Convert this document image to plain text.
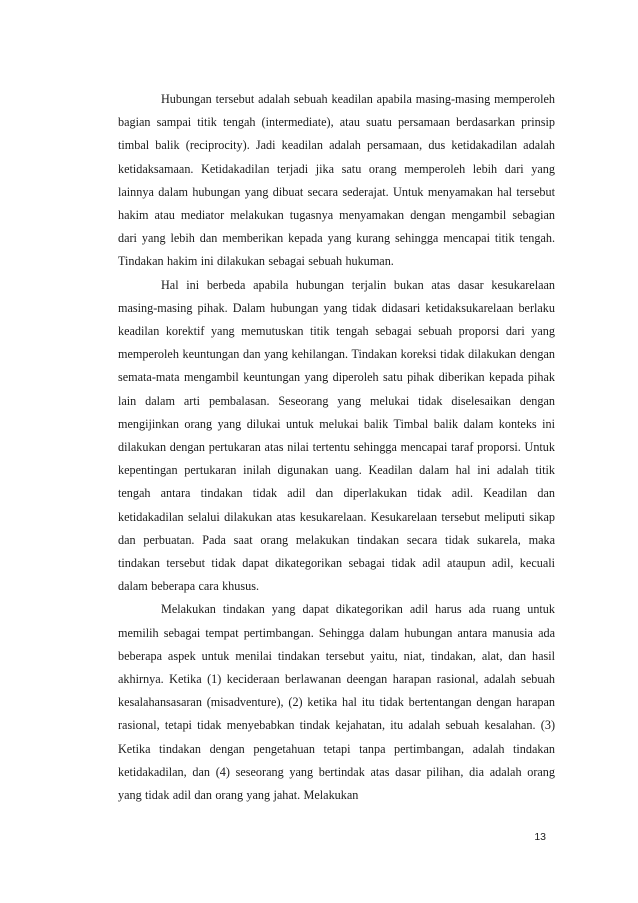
Hubungan tersebut adalah sebuah keadilan apabila masing-masing memperoleh bagian sampai titik tengah (intermediate), atau suatu persamaan berdasarkan prinsip timbal balik (reciprocity). Jadi keadilan adalah persamaan, dus ketidakadilan adalah ketidaksamaan. Ketidakadilan terjadi jika satu orang memperoleh lebih dari yang lainnya dalam hubungan yang dibuat secara sederajat. Untuk menyamakan hal tersebut hakim atau mediator melakukan tugasnya menyamakan dengan mengambil sebagian dari yang lebih dan memberikan kepada yang kurang sehingga mencapai titik tengah. Tindakan hakim ini dilakukan sebagai sebuah hukuman.

Hal ini berbeda apabila hubungan terjalin bukan atas dasar kesukarelaan masing-masing pihak. Dalam hubungan yang tidak didasari ketidaksukarelaan berlaku keadilan korektif yang memutuskan titik tengah sebagai sebuah proporsi dari yang memperoleh keuntungan dan yang kehilangan. Tindakan koreksi tidak dilakukan dengan semata-mata mengambil keuntungan yang diperoleh satu pihak diberikan kepada pihak lain dalam arti pembalasan. Seseorang yang melukai tidak diselesaikan dengan mengijinkan orang yang dilukai untuk melukai balik Timbal balik dalam konteks ini dilakukan dengan pertukaran atas nilai tertentu sehingga mencapai taraf proporsi. Untuk kepentingan pertukaran inilah digunakan uang. Keadilan dalam hal ini adalah titik tengah antara tindakan tidak adil dan diperlakukan tidak adil. Keadilan dan ketidakadilan selalui dilakukan atas kesukarelaan. Kesukarelaan tersebut meliputi sikap dan perbuatan. Pada saat orang melakukan tindakan secara tidak sukarela, maka tindakan tersebut tidak dapat dikategorikan sebagai tidak adil ataupun adil, kecuali dalam beberapa cara khusus.

Melakukan tindakan yang dapat dikategorikan adil harus ada ruang untuk memilih sebagai tempat pertimbangan. Sehingga dalam hubungan antara manusia ada beberapa aspek untuk menilai tindakan tersebut yaitu, niat, tindakan, alat, dan hasil akhirnya. Ketika (1) kecideraan berlawanan deengan harapan rasional, adalah sebuah kesalahansasaran (misadventure), (2) ketika hal itu tidak bertentangan dengan harapan rasional, tetapi tidak menyebabkan tindak kejahatan, itu adalah sebuah kesalahan. (3) Ketika tindakan dengan pengetahuan tetapi tanpa pertimbangan, adalah tindakan ketidakadilan, dan (4) seseorang yang bertindak atas dasar pilihan, dia adalah orang yang tidak adil dan orang yang jahat. Melakukan

13
